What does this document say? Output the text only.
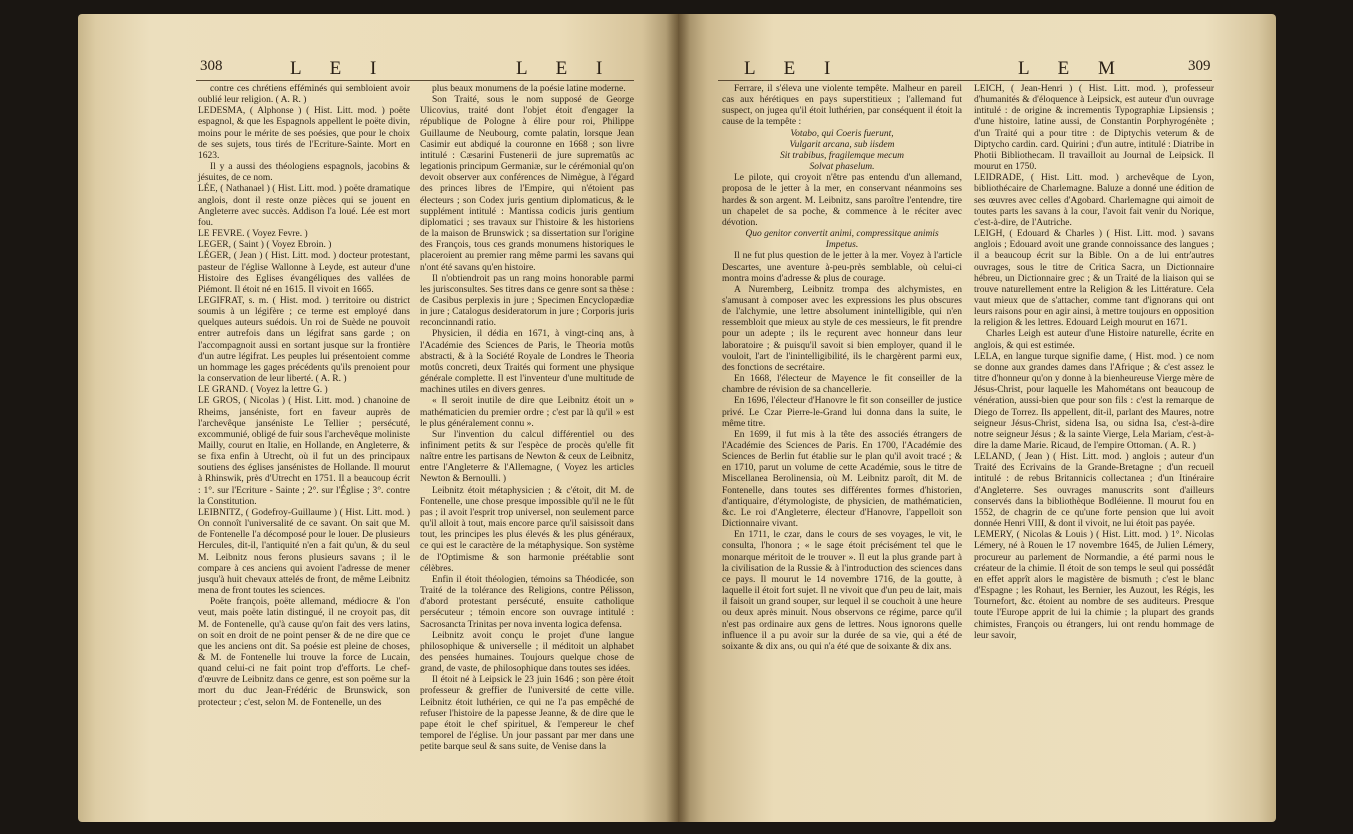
308	L E I	L E I

contre ces chrétiens efféminés qui sembloient avoir oublié leur religion. ( A. R. )

LEDESMA, ( Alphonse ) ( Hist. Litt. mod. ) poëte espagnol, & que les Espagnols appellent le poëte divin, moins pour le mérite de ses poésies, que pour le choix de ses sujets, tous tirés de l'Ecriture-Sainte. Mort en 1623.

Il y a aussi des théologiens espagnols, jacobins & jésuites, de ce nom.

LÉE, ( Nathanael ) ( Hist. Litt. mod. ) poëte dramatique anglois, dont il reste onze pièces qui se jouent en Angleterre avec succès. Addison l'a loué. Lée est mort fou.

LE FEVRE. ( Voyez Fevre. )

LEGER, ( Saint ) ( Voyez Ebroin. )

LÉGER, ( Jean ) ( Hist. Litt. mod. ) docteur protestant, pasteur de l'église Wallonne à Leyde, est auteur d'une Histoire des Eglises évangéliques des vallées de Piémont. Il étoit né en 1615. Il vivoit en 1665.

LEGIFRAT, s. m. ( Hist. mod. ) territoire ou district soumis à un légifère ; ce terme est employé dans quelques auteurs suédois. Un roi de Suède ne pouvoit entrer autrefois dans un légifrat sans garde ; on l'accompagnoit aussi en sortant jusque sur la frontière d'un autre légifrat. Les peuples lui présentoient comme un hommage les gages précédents qu'ils prenoient pour la conservation de leur liberté. ( A. R. )

LE GRAND. ( Voyez la lettre G. )

LE GROS, ( Nicolas ) ( Hist. Litt. mod. ) chanoine de Rheims, janséniste, fort en faveur auprès de l'archevêque janséniste Le Tellier ; persécuté, excommunié, obligé de fuir sous l'archevêque moliniste Mailly, courut en Italie, en Hollande, en Angleterre, & se fixa enfin à Utrecht, où il fut un des principaux soutiens des églises jansénistes de Hollande. Il mourut à Rhinswik, près d'Utrecht en 1751. Il a beaucoup écrit : 1°. sur l'Ecriture - Sainte ; 2°. sur l'Église ; 3°. contre la Constitution.

LEIBNITZ, ( Godefroy-Guillaume ) ( Hist. Litt. mod. ) On connoît l'universalité de ce savant. On sait que M. de Fontenelle l'a décomposé pour le louer. De plusieurs Hercules, dit-il, l'antiquité n'en a fait qu'un, & du seul M. Leibnitz nous ferons plusieurs savans ; il le compare à ces anciens qui avoient l'adresse de mener jusqu'à huit chevaux attelés de front, de même Leibnitz mena de front toutes les sciences.

Poëte françois, poëte allemand, médiocre & l'on veut, mais poëte latin distingué, il ne croyoit pas, dit M. de Fontenelle, qu'à cause qu'on fait des vers latins, on soit en droit de ne point penser & de ne dire que ce que les anciens ont dit. Sa poésie est pleine de choses, & M. de Fontenelle lui trouve la force de Lucain, quand celui-ci ne fait point trop d'efforts. Le chef-d'œuvre de Leibnitz dans ce genre, est son poëme sur la mort du duc Jean-Frédéric de Brunswick, son protecteur ; c'est, selon M. de Fontenelle, un des

plus beaux monumens de la poésie latine moderne.

Son Traité, sous le nom supposé de George Ulicovius, traité dont l'objet étoit d'engager la république de Pologne à élire pour roi, Philippe Guillaume de Neubourg, comte palatin, lorsque Jean Casimir eut abdiqué la couronne en 1668 ; son livre intitulé : Cæsarini Fustenerii de jure suprematûs ac legationis principum Germaniæ, sur le cérémonial qu'on devoit observer aux conférences de Nimègue, à l'égard des princes libres de l'Empire, qui n'étoient pas électeurs ; son Codex juris gentium diplomaticus, & le supplément intitulé : Mantissa codicis juris gentium diplomatici ; ses travaux sur l'histoire & les historiens de la maison de Brunswick ; sa dissertation sur l'origine des François, tous ces grands monumens historiques le placeroient au premier rang même parmi les savans qui n'ont été savans qu'en histoire.

Il n'obtiendroit pas un rang moins honorable parmi les jurisconsultes. Ses titres dans ce genre sont sa thèse : de Casibus perplexis in jure ; Specimen Encyclopædiæ in jure ; Catalogus desideratorum in jure ; Corporis juris reconcinnandi ratio.

Physicien, il dédia en 1671, à vingt-cinq ans, à l'Académie des Sciences de Paris, le Theoria motûs abstracti, & à la Société Royale de Londres le Theoria motûs concreti, deux Traités qui forment une physique générale complette. Il est l'inventeur d'une multitude de machines utiles en divers genres.

« Il seroit inutile de dire que Leibnitz étoit un » mathématicien du premier ordre ; c'est par là qu'il » est le plus généralement connu ».

Sur l'invention du calcul différentiel ou des infiniment petits & sur l'espèce de procès qu'elle fit naître entre les partisans de Newton & ceux de Leibnitz, entre l'Angleterre & l'Allemagne, ( Voyez les articles Newton & Bernoulli. )

Leibnitz étoit métaphysicien ; & c'étoit, dit M. de Fontenelle, une chose presque impossible qu'il ne le fût pas ; il avoit l'esprit trop universel, non seulement parce qu'il alloit à tout, mais encore parce qu'il saisissoit dans tout, les principes les plus élevés & les plus généraux, ce qui est le caractère de la métaphysique. Son système de l'Optimisme & son harmonie préétablie sont célèbres.

Enfin il étoit théologien, témoins sa Théodicée, son Traité de la tolérance des Religions, contre Pélisson, d'abord protestant persécuté, ensuite catholique persécuteur ; témoin encore son ouvrage intitulé : Sacrosancta Trinitas per nova inventa logica defensa.

Leibnitz avoit conçu le projet d'une langue philosophique & universelle ; il méditoit un alphabet des pensées humaines. Toujours quelque chose de grand, de vaste, de philosophique dans toutes ses idées.

Il étoit né à Leipsick le 23 juin 1646 ; son père étoit professeur & greffier de l'université de cette ville. Leibnitz étoit luthérien, ce qui ne l'a pas empêché de refuser l'histoire de la papesse Jeanne, & de dire que le pape étoit le chef spirituel, & l'empereur le chef temporel de l'église. Un jour passant par mer dans une petite barque seul & sans suite, de Venise dans la

L E I	L E M	309

Ferrare, il s'éleva une violente tempête. Malheur en pareil cas aux hérétiques en pays superstitieux ; l'allemand fut suspect, on jugea qu'il étoit luthérien, par conséquent il étoit la cause de la tempête :

Votabo, qui Coeris fuerunt,

Vulgarit arcana, sub iisdem

Sit trabibus, fragilemque mecum

Solvat phaselum.

Le pilote, qui croyoit n'être pas entendu d'un allemand, proposa de le jetter à la mer, en conservant néanmoins ses hardes & son argent. M. Leibnitz, sans paroître l'entendre, tire un chapelet de sa poche, & commence à le réciter avec dévotion.

Quo genitor convertit animi, compressitque animis

Impetus.

Il ne fut plus question de le jetter à la mer. Voyez à l'article Descartes, une aventure à-peu-près semblable, où celui-ci montra moins d'adresse & plus de courage.

A Nuremberg, Leibnitz trompa des alchymistes, en s'amusant à composer avec les expressions les plus obscures de l'alchymie, une lettre absolument inintelligible, qui n'en ressembloit que mieux au style de ces messieurs, le fit prendre pour un adepte ; ils le reçurent avec honneur dans leur laboratoire ; & puisqu'il savoit si bien employer, quand il le vouloit, l'art de l'inintelligibilité, ils le chargèrent parmi eux, des fonctions de secrétaire.

En 1668, l'électeur de Mayence le fit conseiller de la chambre de révision de sa chancellerie.

En 1696, l'électeur d'Hanovre le fit son conseiller de justice privé. Le Czar Pierre-le-Grand lui donna dans la suite, le même titre.

En 1699, il fut mis à la tête des associés étrangers de l'Académie des Sciences de Paris. En 1700, l'Académie des Sciences de Berlin fut établie sur le plan qu'il avoit tracé ; & en 1710, parut un volume de cette Académie, sous le titre de Miscellanea Berolinensia, où M. Leibnitz paroît, dit M. de Fontenelle, dans toutes ses différentes formes d'historien, d'antiquaire, d'étymologiste, de physicien, de mathématicien, &c. Le roi d'Angleterre, électeur d'Hanovre, l'appelloit son Dictionnaire vivant.

En 1711, le czar, dans le cours de ses voyages, le vit, le consulta, l'honora ; « le sage étoit précisément tel que le monarque méritoit de le trouver ». Il eut la plus grande part à la civilisation de la Russie & à l'introduction des sciences dans ce pays. Il mourut le 14 novembre 1716, de la goutte, à laquelle il étoit fort sujet. Il ne vivoit que d'un peu de lait, mais il faisoit un grand souper, sur lequel il se couchoit à une heure ou deux après minuit. Nous observons ce régime, parce qu'il n'est pas ordinaire aux gens de lettres. Nous ignorons quelle influence il a pu avoir sur la durée de sa vie, qui a été de soixante & dix ans, ou qui n'a été que de soixante & dix ans.

LEICH, ( Jean-Henri ) ( Hist. Litt. mod. ), professeur d'humanités & d'éloquence à Leipsick, est auteur d'un ouvrage intitulé : de origine & incrementis Typographiæ Lipsiensis ; d'une histoire, latine aussi, de Constantin Porphyrogénète ; d'un Traité qui a pour titre : de Diptychis veterum & de Diptycho cardin. card. Quirini ; d'un autre, intitulé : Diatribe in Photii Bibliothecam. Il travailloit au Journal de Leipsick. Il mourut en 1750.

LEIDRADE, ( Hist. Litt. mod. ) archevêque de Lyon, bibliothécaire de Charlemagne. Baluze a donné une édition de ses œuvres avec celles d'Agobard. Charlemagne qui aimoit de toutes parts les savans à la cour, l'avoit fait venir du Norique, c'est-à-dire, de l'Autriche.

LEIGH, ( Edouard & Charles ) ( Hist. Litt. mod. ) savans anglois ; Edouard avoit une grande connoissance des langues ; il a beaucoup écrit sur la Bible. On a de lui entr'autres ouvrages, sous le titre de Critica Sacra, un Dictionnaire hébreu, un Dictionnaire grec ; & un Traité de la liaison qui se trouve naturellement entre la Religion & les Littérature. Cela vaut mieux que de s'attacher, comme tant d'ignorans qui ont leurs raisons pour en agir ainsi, à mettre toujours en opposition la religion & les lettres. Edouard Leigh mourut en 1671.

Charles Leigh est auteur d'une Histoire naturelle, écrite en anglois, & qui est estimée.

LELA, en langue turque signifie dame, ( Hist. mod. ) ce nom se donne aux grandes dames dans l'Afrique ; & c'est assez le titre d'honneur qu'on y donne à la bienheureuse Vierge mère de Jésus-Christ, pour laquelle les Mahométans ont beaucoup de vénération, aussi-bien que pour son fils : c'est la remarque de Diego de Torrez. Ils appellent, dit-il, parlant des Maures, notre seigneur Jésus-Christ, sidena Isa, ou sidna Isa, c'est-à-dire notre seigneur Jésus ; & la sainte Vierge, Lela Mariam, c'est-à-dire la dame Marie. Ricaud, de l'empire Ottoman. ( A. R. )

LELAND, ( Jean ) ( Hist. Litt. mod. ) anglois ; auteur d'un Traité des Ecrivains de la Grande-Bretagne ; d'un recueil intitulé : de rebus Britannicis collectanea ; d'un Itinéraire d'Angleterre. Ses ouvrages manuscrits sont d'ailleurs conservés dans la bibliothèque Bodléienne. Il mourut fou en 1552, de chagrin de ce qu'une forte pension que lui avoit donnée Henri VIII, & dont il vivoit, ne lui étoit pas payée.

LEMERY, ( Nicolas & Louis ) ( Hist. Litt. mod. ) 1°. Nicolas Lémery, né à Rouen le 17 novembre 1645, de Julien Lémery, procureur au parlement de Normandie, a été parmi nous le créateur de la chimie. Il étoit de son temps le seul qui possédât en effet apprît alors le magistère de bismuth ; c'est le blanc d'Espagne ; les Rohaut, les Bernier, les Auzout, les Régis, les Tournefort, &c. étoient au nombre de ses auditeurs. Presque toute l'Europe apprit de lui la chimie ; la plupart des grands chimistes, François ou étrangers, lui ont rendu hommage de leur savoir,
